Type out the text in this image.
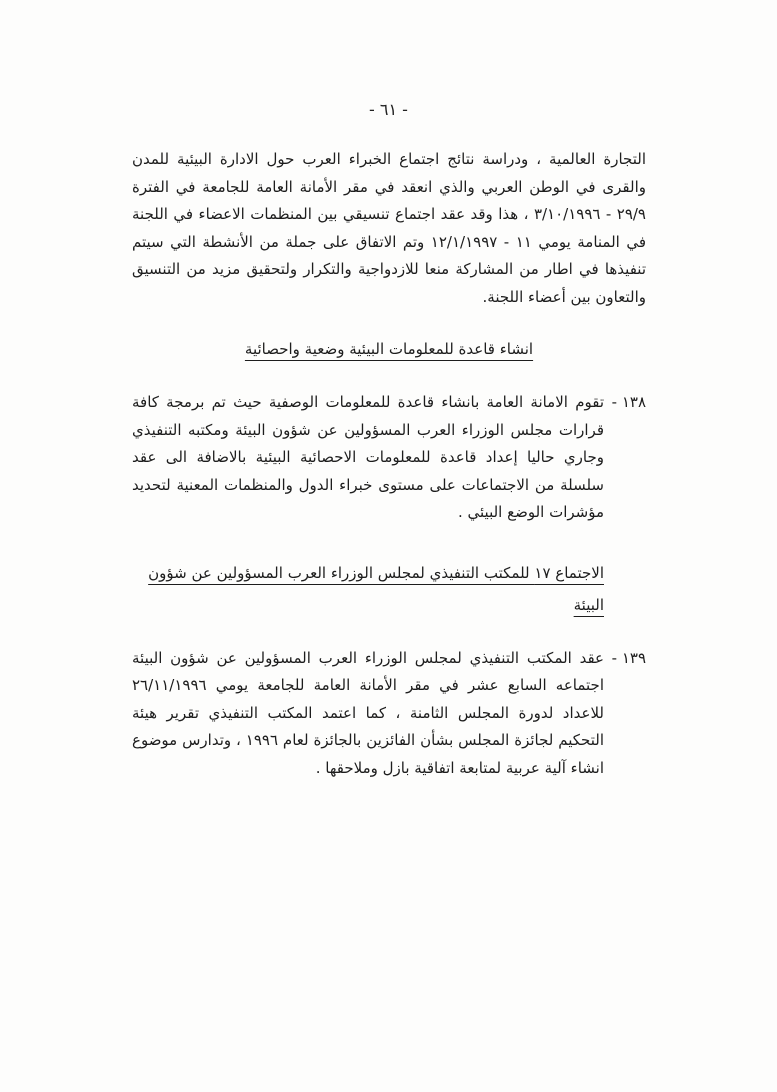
- ٦١ -

التجارة العالمية ، ودراسة نتائج اجتماع الخبراء العرب حول الادارة البيئية للمدن والقرى في الوطن العربي والذي انعقد في مقر الأمانة العامة للجامعة في الفترة ٢٩/٩ - ٣/١٠/١٩٩٦ ، هذا وقد عقد اجتماع تنسيقي بين المنظمات الاعضاء في اللجنة في المنامة يومي ١١ - ١٢/١/١٩٩٧ وتم الاتفاق على جملة من الأنشطة التي سيتم تنفيذها في اطار من المشاركة منعا للازدواجية والتكرار ولتحقيق مزيد من التنسيق والتعاون بين أعضاء اللجنة.

انشاء قاعدة للمعلومات البيئية وضعية واحصائية
١٣٨ -

تقوم الامانة العامة بانشاء قاعدة للمعلومات الوصفية حيث تم برمجة كافة قرارات مجلس الوزراء العرب المسؤولين عن شؤون البيئة ومكتبه التنفيذي وجاري حاليا إعداد قاعدة للمعلومات الاحصائية البيئية بالاضافة الى عقد سلسلة من الاجتماعات على مستوى خبراء الدول والمنظمات المعنية لتحديد مؤشرات الوضع البيئي .

الاجتماع ١٧ للمكتب التنفيذي لمجلس الوزراء العرب المسؤولين عن شؤون البيئة
١٣٩ -

عقد المكتب التنفيذي لمجلس الوزراء العرب المسؤولين عن شؤون البيئة اجتماعه السابع عشر في مقر الأمانة العامة للجامعة يومي ٢٦/١١/١٩٩٦ للاعداد لدورة المجلس الثامنة ، كما اعتمد المكتب التنفيذي تقرير هيئة التحكيم لجائزة المجلس بشأن الفائزين بالجائزة لعام ١٩٩٦ ، وتدارس موضوع انشاء آلية عربية لمتابعة اتفاقية بازل وملاحقها .
